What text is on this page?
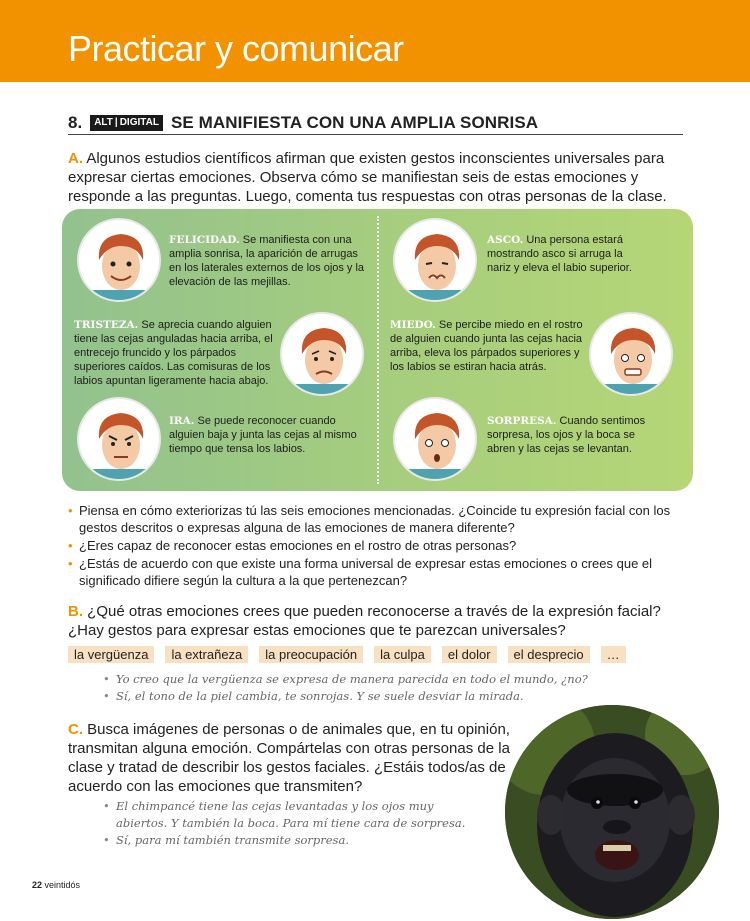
Practicar y comunicar
8. ALT | DIGITAL SE MANIFIESTA CON UNA AMPLIA SONRISA

A. Algunos estudios científicos afirman que existen gestos inconscientes universales para expresar ciertas emociones. Observa cómo se manifiestan seis de estas emociones y responde a las preguntas. Luego, comenta tus respuestas con otras personas de la clase.

FELICIDAD. Se manifiesta con una amplia sonrisa, la aparición de arrugas en los laterales externos de los ojos y la elevación de las mejillas.
ASCO. Una persona estará mostrando asco si arruga la nariz y eleva el labio superior.
TRISTEZA. Se aprecia cuando alguien tiene las cejas anguladas hacia arriba, el entrecejo fruncido y los párpados superiores caídos. Las comisuras de los labios apuntan ligeramente hacia abajo.
MIEDO. Se percibe miedo en el rostro de alguien cuando junta las cejas hacia arriba, eleva los párpados superiores y los labios se estiran hacia atrás.
IRA. Se puede reconocer cuando alguien baja y junta las cejas al mismo tiempo que tensa los labios.
SORPRESA. Cuando sentimos sorpresa, los ojos y la boca se abren y las cejas se levantan.
• Piensa en cómo exteriorizas tú las seis emociones mencionadas. ¿Coincide tu expresión facial con los gestos descritos o expresas alguna de las emociones de manera diferente?
• ¿Eres capaz de reconocer estas emociones en el rostro de otras personas?
• ¿Estás de acuerdo con que existe una forma universal de expresar estas emociones o crees que el significado difiere según la cultura a la que pertenezcan?

B. ¿Qué otras emociones crees que pueden reconocerse a través de la expresión facial? ¿Hay gestos para expresar estas emociones que te parezcan universales?

la vergüenza	la extrañeza	la preocupación	la culpa	el dolor	el desprecio	…
• Yo creo que la vergüenza se expresa de manera parecida en todo el mundo, ¿no?
• Sí, el tono de la piel cambia, te sonrojas. Y se suele desviar la mirada.

C. Busca imágenes de personas o de animales que, en tu opinión, transmitan alguna emoción. Compártelas con otras personas de la clase y tratad de describir los gestos faciales. ¿Estáis todos/as de acuerdo con las emociones que transmiten?

• El chimpancé tiene las cejas levantadas y los ojos muy abiertos. Y también la boca. Para mí tiene cara de sorpresa.
• Sí, para mí también transmite sorpresa.
22 veintidós
